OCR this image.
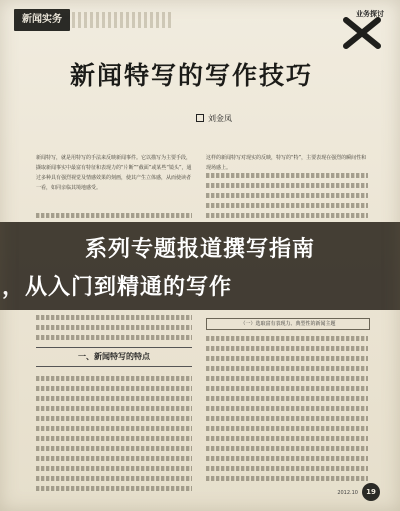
新闻实务	业务探讨
新闻特写的写作技巧
刘金凤
新闻特写，就是用特写的手法来反映新闻事件。它以描写为主要手段，撷取新闻事实中最富有特征和表现力的“片断”“截面”或某些“镜头”，通过多种具有强烈视觉及情感效果的刻画，使其产生立体感，从而使读者一看，如同亲临其境地感受。
这样的新闻特写对现实的反映，特写的“特”，主要表现在强烈的瞬间性和现场感上。
系列专题报道撰写指南
，从入门到精通的写作
（一）选取富有表现力、典型性的新闻主题
一、新闻特写的特点
2012.10	19
